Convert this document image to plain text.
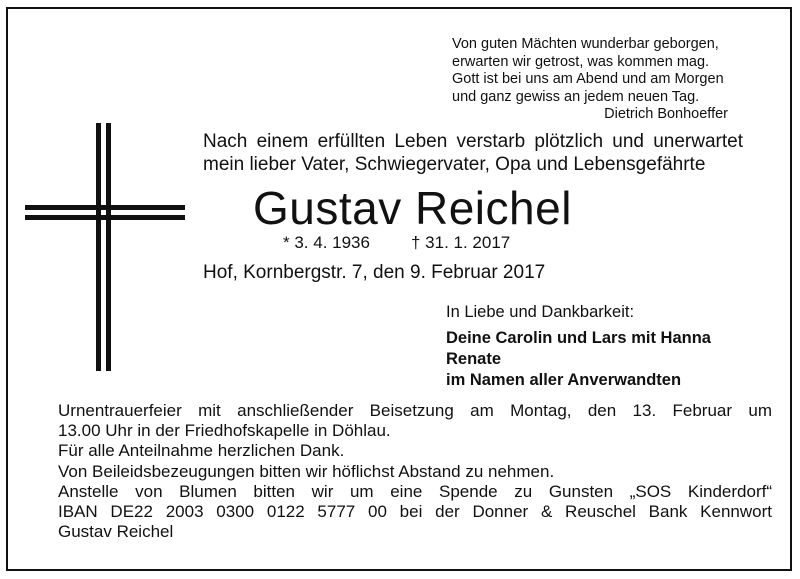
Von guten Mächten wunderbar geborgen,
erwarten wir getrost, was kommen mag.
Gott ist bei uns am Abend und am Morgen
und ganz gewiss an jedem neuen Tag.
Dietrich Bonhoeffer
Nach einem erfüllten Leben verstarb plötzlich und unerwartet
mein lieber Vater, Schwiegervater, Opa und Lebensgefährte
Gustav Reichel
* 3. 4. 1936 † 31. 1. 2017
Hof, Kornbergstr. 7, den 9. Februar 2017
In Liebe und Dankbarkeit:
Deine Carolin und Lars mit Hanna
Renate
im Namen aller Anverwandten
Urnentrauerfeier mit anschließender Beisetzung am Montag, den 13. Februar um
13.00 Uhr in der Friedhofskapelle in Döhlau.
Für alle Anteilnahme herzlichen Dank.
Von Beileidsbezeugungen bitten wir höflichst Abstand zu nehmen.
Anstelle von Blumen bitten wir um eine Spende zu Gunsten „SOS Kinderdorf“
IBAN DE22 2003 0300 0122 5777 00 bei der Donner & Reuschel Bank Kennwort
Gustav Reichel
